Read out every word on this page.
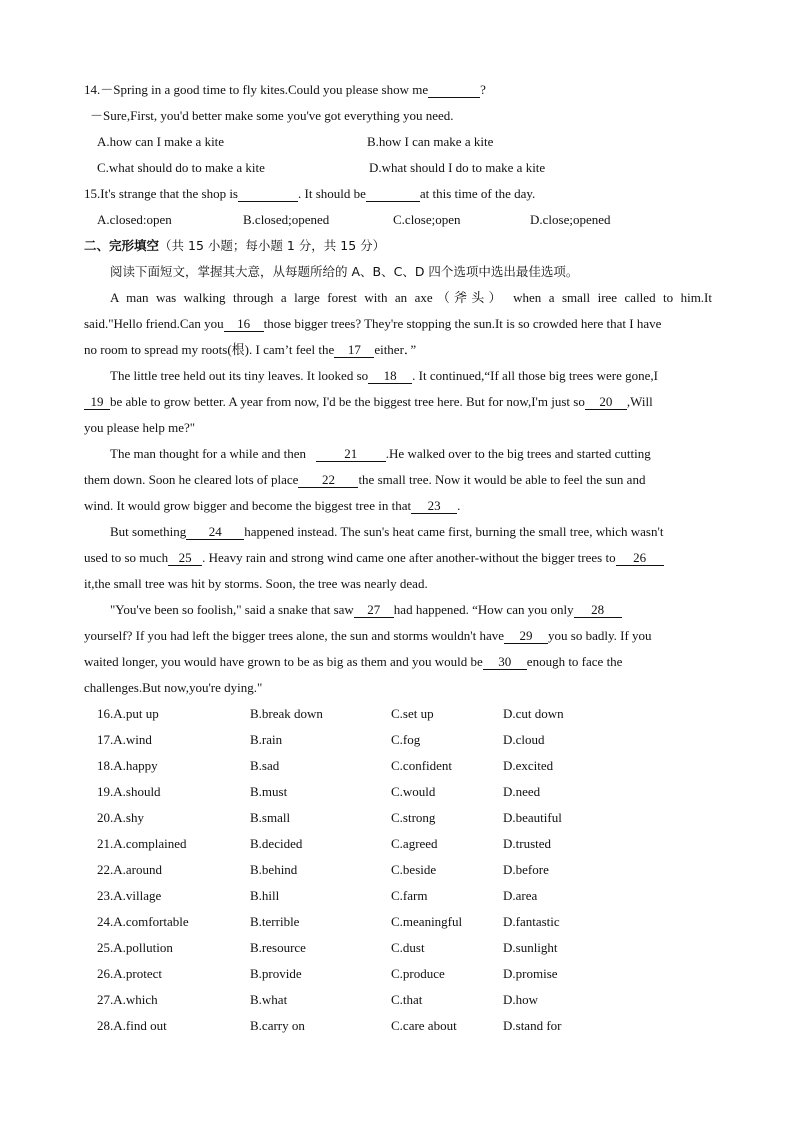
14.－Spring in a good time to fly kites.Could you please show me	?
－Sure,First, you'd better make some you've got everything you need.
A.how can I make a kite	B.how I can make a kite
C.what should do to make a kite	D.what should I do to make a kite
15.It's strange that the shop is	. It should be	at this time of the day.
A.closed:open	B.closed;opened	C.close;open	D.close;opened
二、完形填空（共 15 小题；每小题 1 分，共 15 分）
阅读下面短文，掌握其大意，从每题所给的 A、B、C、D 四个选项中选出最佳选项。
A man was walking through a large forest with an axe（斧头） when a small iree called to him.It
said."Hello friend.Can you 16 those bigger trees? They're stopping the sun.It is so crowded here that I have
no room to spread my roots(根). I cam’t feel the 17 either．”
The little tree held out its tiny leaves. It looked so 18 . It continued,“If all those big trees were gone,I
19 be able to grow better. A year from now, I'd be the biggest tree here. But for now,I'm just so 20 ,Will
you please help me?"
The man thought for a while and then	21 .He walked over to the big trees and started cutting
them down. Soon he cleared lots of place 22 the small tree. Now it would be able to feel the sun and
wind. It would grow bigger and become the biggest tree in that 23 .
But something 24 happened instead. The sun's heat came first, burning the small tree, which wasn't
used to so much 25 . Heavy rain and strong wind came one after another-without the bigger trees to 26
it,the small tree was hit by storms. Soon, the tree was nearly dead.
"You've been so foolish," said a snake that saw 27 had happened. “How can you only 28
yourself? If you had left the bigger trees alone, the sun and storms wouldn't have 29 you so badly. If you
waited longer, you would have grown to be as big as them and you would be 30 enough to face the
challenges.But now,you're dying."
16.A.put up	B.break down	C.set up	D.cut down
17.A.wind	B.rain	C.fog	D.cloud
18.A.happy	B.sad	C.confident	D.excited
19.A.should	B.must	C.would	D.need
20.A.shy	B.small	C.strong	D.beautiful
21.A.complained	B.decided	C.agreed	D.trusted
22.A.around	B.behind	C.beside	D.before
23.A.village	B.hill	C.farm	D.area
24.A.comfortable	B.terrible	C.meaningful	D.fantastic
25.A.pollution	B.resource	C.dust	D.sunlight
26.A.protect	B.provide	C.produce	D.promise
27.A.which	B.what	C.that	D.how
28.A.find out	B.carry on	C.care about	D.stand for
